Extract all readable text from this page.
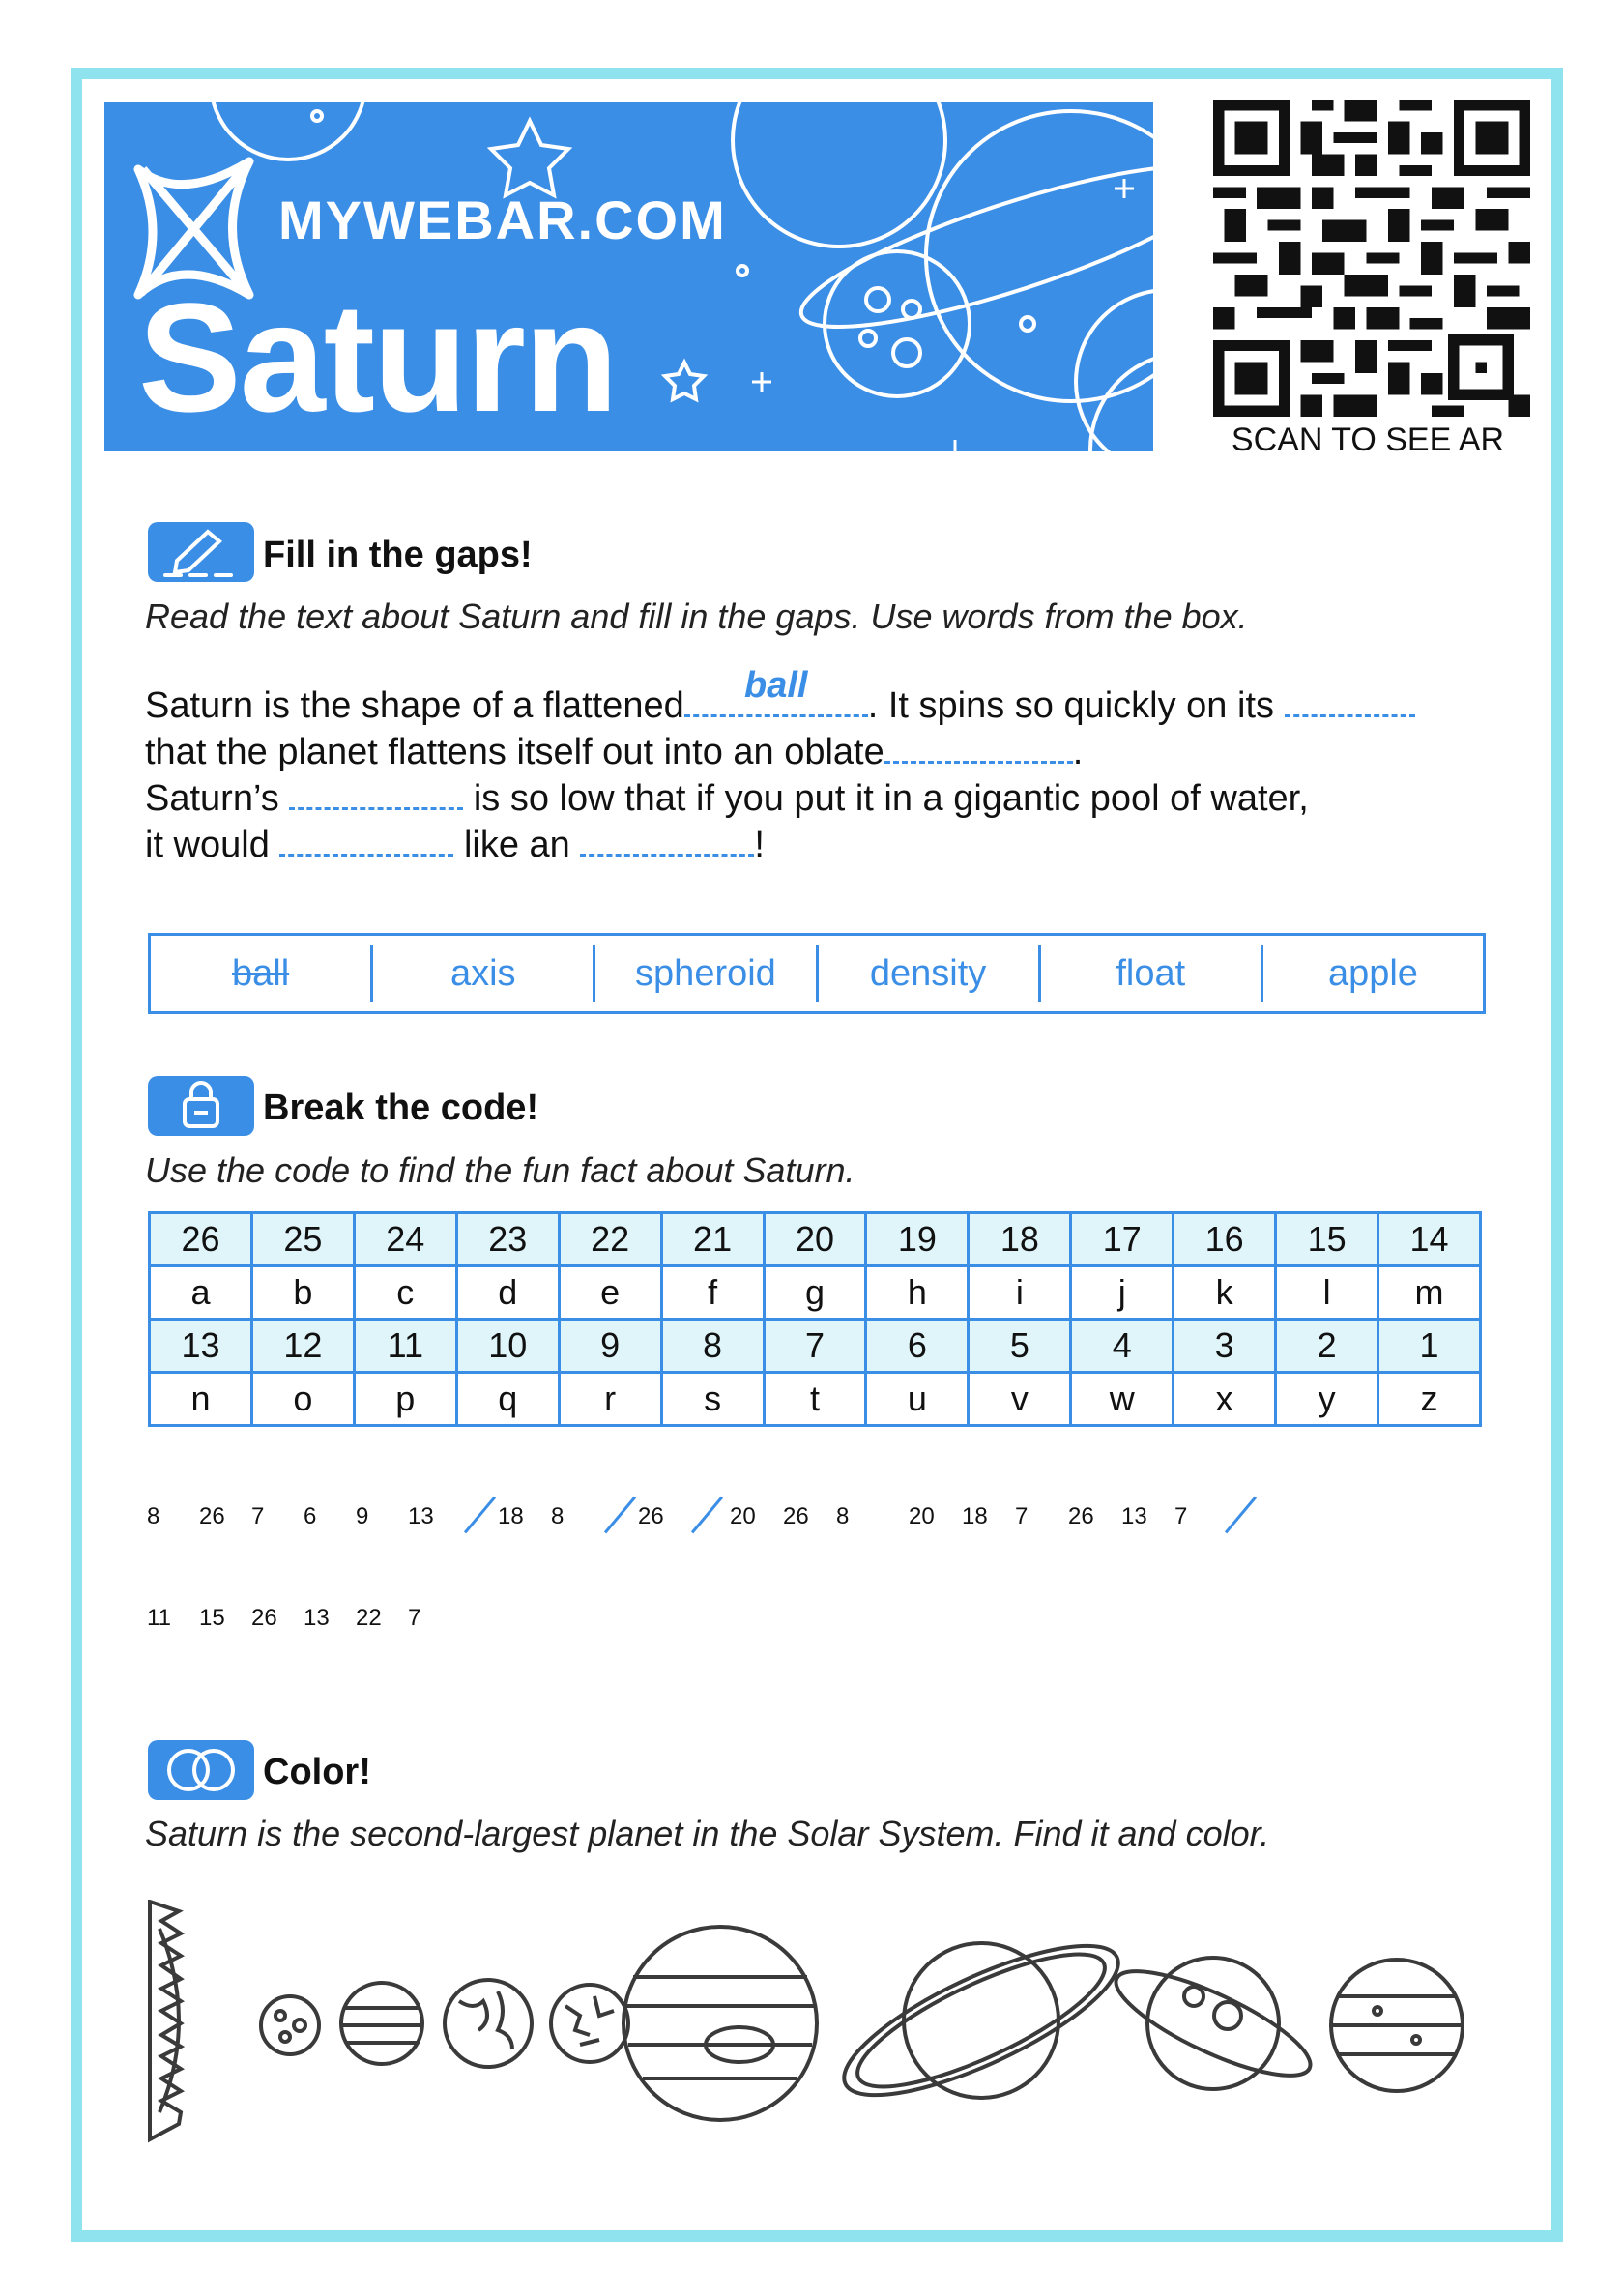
MYWEBAR.COM
Saturn	SCAN TO SEE AR
Fill in the gaps!
Read the text about Saturn and fill in the gaps. Use words from the box.
Saturn is the shape of a flattened	ball	. It spins so quickly on its
that the planet flattens itself out into an oblate	.
Saturn’s	is so low that if you put it in a gigantic pool of water,
it would	like an	!
ball	axis	spheroid	density	float	apple
Break the code!
Use the code to find the fun fact about Saturn.
26	25	24	23	22	21	20	19	18	17	16	15	14
a	b	c	d	e	f	g	h	i	j	k	l	m
13	12	11	10	9	8	7	6	5	4	3	2	1
n	o	p	q	r	s	t	u	v	w	x	y	z
8 26 7 6 9 13	18 8	26	20 26 8	20 18 7 26 13 7
11 15 26 13 22 7
Color!
Saturn is the second-largest planet in the Solar System. Find it and color.
